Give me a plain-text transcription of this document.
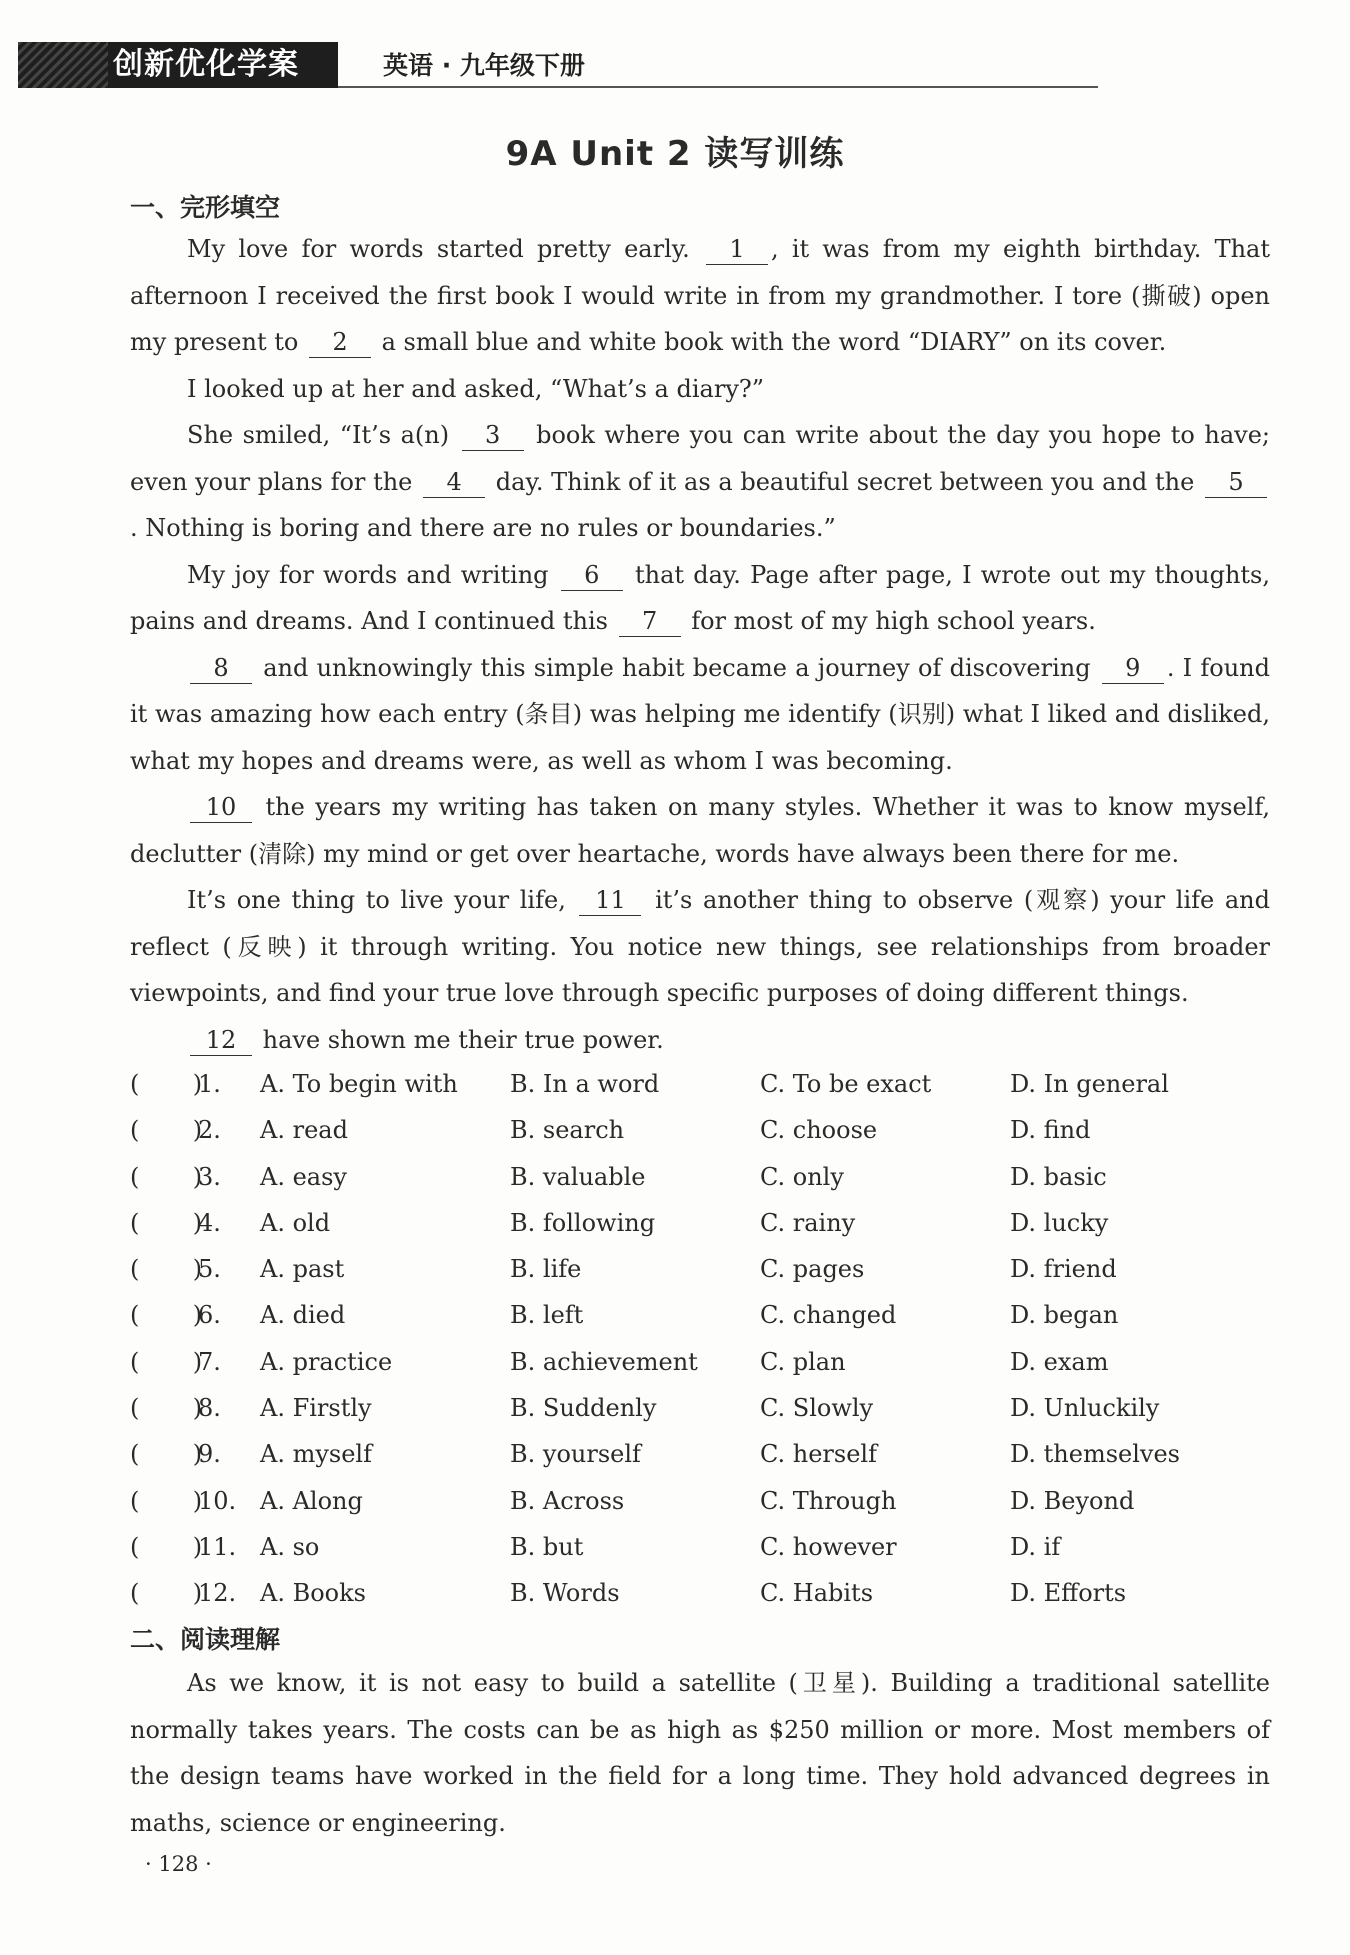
创新优化学案	英语 · 九年级下册
9A Unit 2 读写训练
一、完形填空

My love for words started pretty early. 1 , it was from my eighth birthday. That afternoon I received the first book I would write in from my grandmother. I tore (撕破) open my present to 2 a small blue and white book with the word “DIARY” on its cover.

I looked up at her and asked, “What’s a diary?”

She smiled, “It’s a(n) 3 book where you can write about the day you hope to have; even your plans for the 4 day. Think of it as a beautiful secret between you and the 5. Nothing is boring and there are no rules or boundaries.”

My joy for words and writing 6 that day. Page after page, I wrote out my thoughts, pains and dreams. And I continued this 7 for most of my high school years.

8 and unknowingly this simple habit became a journey of discovering 9 . I found it was amazing how each entry (条目) was helping me identify (识别) what I liked and disliked, what my hopes and dreams were, as well as whom I was becoming.

10 the years my writing has taken on many styles. Whether it was to know myself, declutter (清除) my mind or get over heartache, words have always been there for me.

It’s one thing to live your life, 11 it’s another thing to observe (观察) your life and reflect (反映) it through writing. You notice new things, see relationships from broader viewpoints, and find your true love through specific purposes of doing different things.

12 have shown me their true power.

(       )
1. A. To begin with B. In a word	C. To be exact	D. In general
(       )
2. A. read	B. search	C. choose	D. find
(       )
3. A. easy	B. valuable	C. only	D. basic
(       )
4. A. old	B. following	C. rainy	D. lucky
(       )
5. A. past	B. life	C. pages	D. friend
(       )
6. A. died	B. left	C. changed	D. began
(       )
7. A. practice	B. achievement	C. plan	D. exam
(       )
8. A. Firstly	B. Suddenly	C. Slowly	D. Unluckily
(       )
9. A. myself	B. yourself	C. herself	D. themselves
(       )
10. A. Along	B. Across	C. Through	D. Beyond
(       )
11. A. so	B. but	C. however	D. if
(       )
12. A. Books	B. Words	C. Habits	D. Efforts
二、阅读理解

As we know, it is not easy to build a satellite (卫星). Building a traditional satellite normally takes years. The costs can be as high as $250 million or more. Most members of the design teams have worked in the field for a long time. They hold advanced degrees in maths, science or engineering.

· 128 ·
